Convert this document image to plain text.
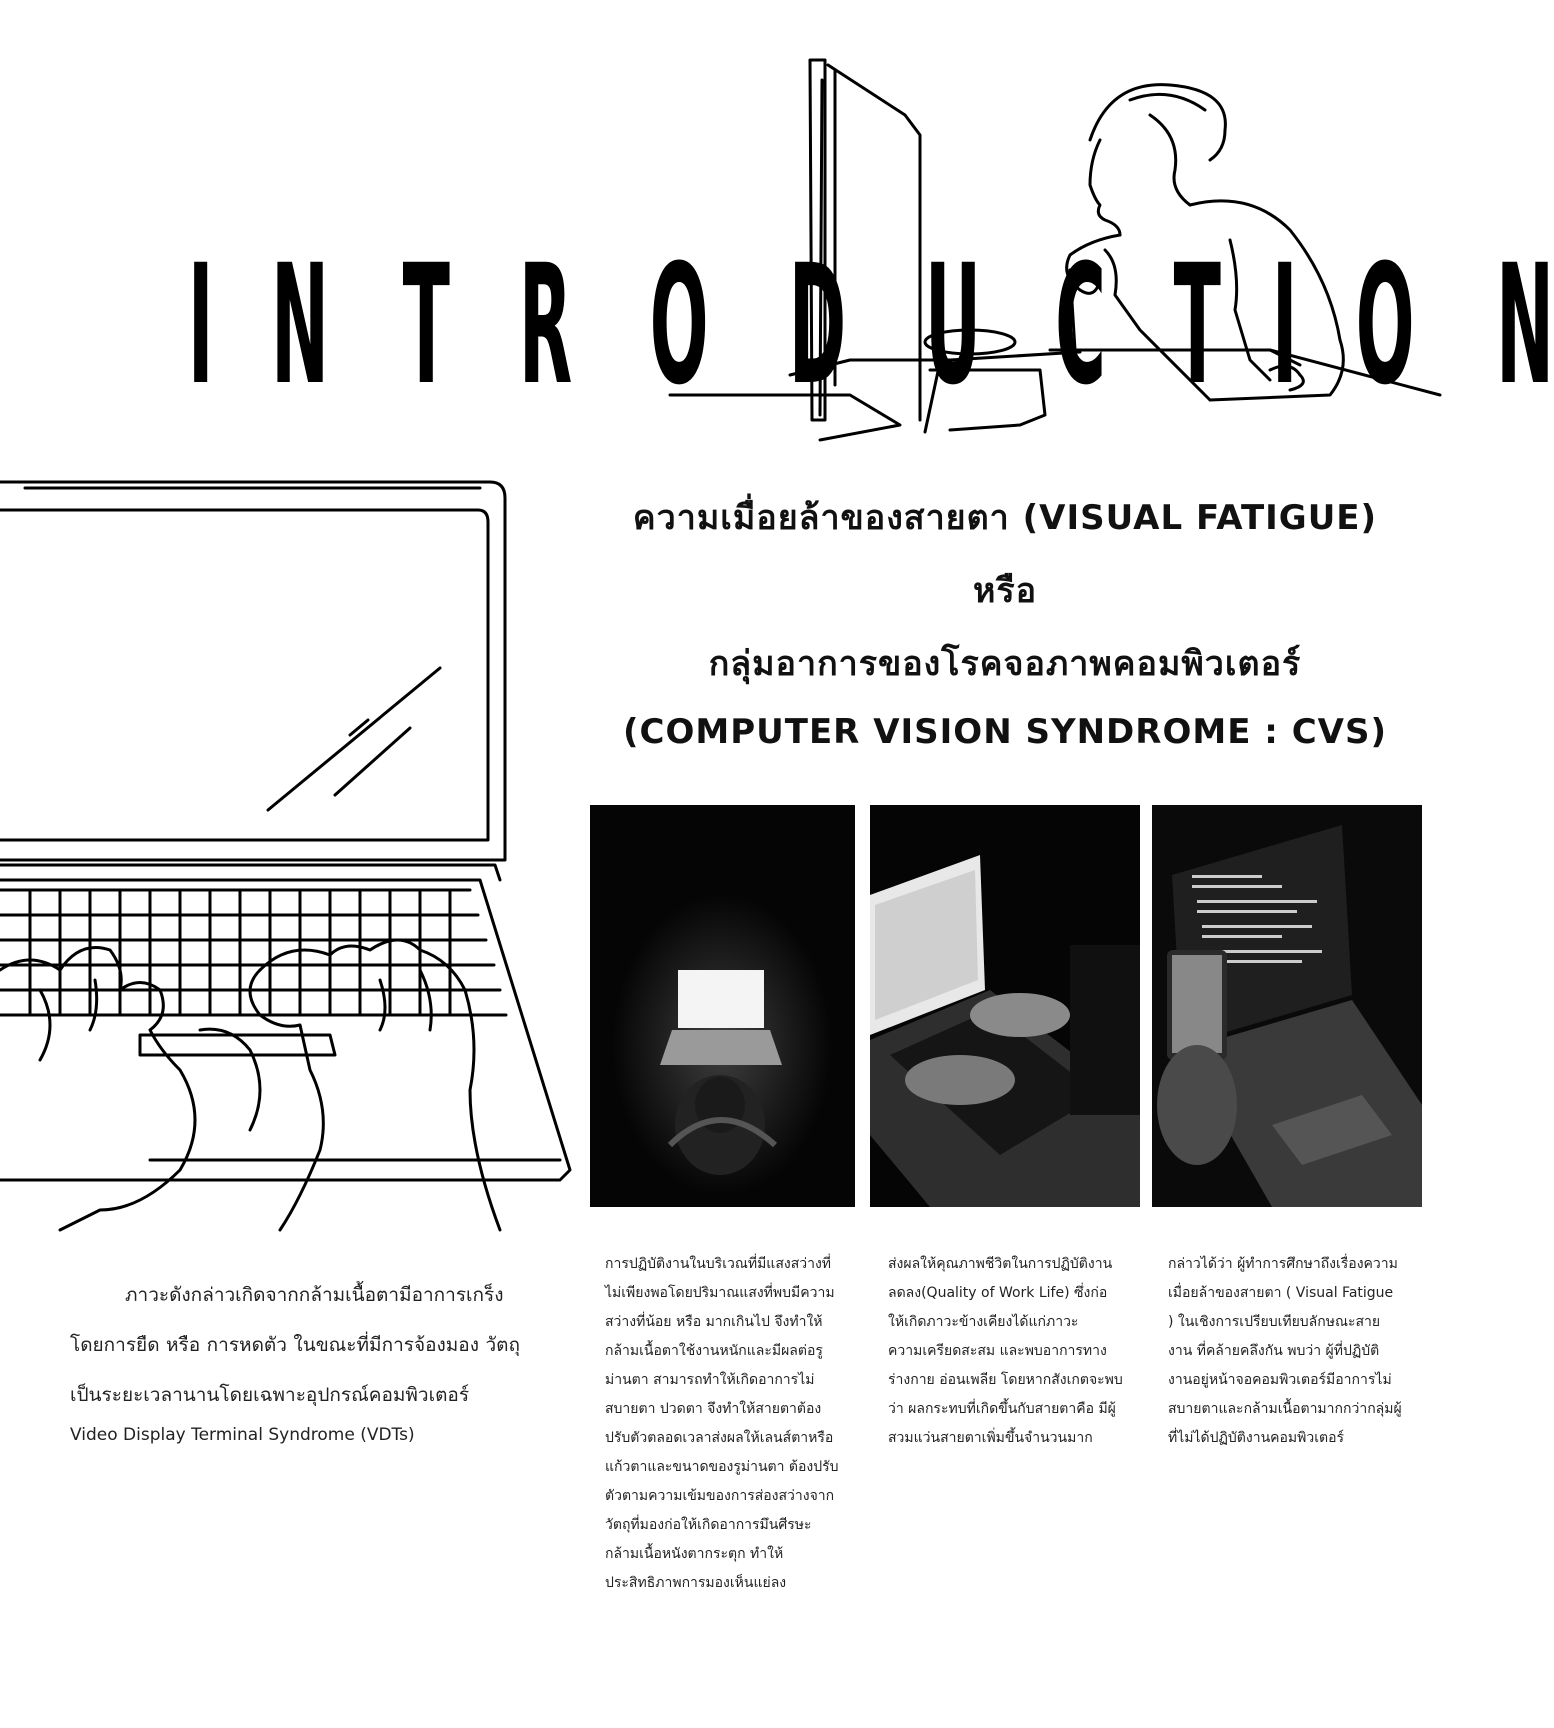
I N T R O D U C T I O N
ความเมื่อยล้าของสายตา (VISUAL FATIGUE)
หรือ
กลุ่มอาการของโรคจอภาพคอมพิวเตอร์
(COMPUTER VISION SYNDROME : CVS)
ภาวะดังกล่าวเกิดจากกล้ามเนื้อตามีอาการเกร็ง โดยการยืด หรือ การหดตัว ในขณะที่มีการจ้องมอง วัตถุเป็นระยะเวลานานโดยเฉพาะอุปกรณ์คอมพิวเตอร์
Video Display Terminal Syndrome (VDTs)
การปฏิบัติงานในบริเวณที่มีแสงสว่างที่ไม่เพียงพอโดยปริมาณแสงที่พบมีความสว่างที่น้อย หรือ มากเกินไป จึงทำให้กล้ามเนื้อตาใช้งานหนักและมีผลต่อรูม่านตา สามารถทำให้เกิดอาการไม่สบายตา ปวดตา จึงทำให้สายตาต้องปรับตัวตลอดเวลาส่งผลให้เลนส์ตาหรือแก้วตาและขนาดของรูม่านตา ต้องปรับตัวตามความเข้มของการส่องสว่างจากวัตถุที่มองก่อให้เกิดอาการมึนศีรษะ กล้ามเนื้อหนังตากระตุก ทำให้ประสิทธิภาพการมองเห็นแย่ลง
ส่งผลให้คุณภาพชีวิตในการปฏิบัติงานลดลง(Quality of Work Life) ซึ่งก่อให้เกิดภาวะข้างเคียงได้แก่ภาวะความเครียดสะสม และพบอาการทางร่างกาย อ่อนเพลีย โดยหากสังเกตจะพบว่า ผลกระทบที่เกิดขึ้นกับสายตาคือ มีผู้สวมแว่นสายตาเพิ่มขึ้นจำนวนมาก
กล่าวได้ว่า ผู้ทำการศึกษาถึงเรื่องความเมื่อยล้าของสายตา ( Visual Fatigue ) ในเชิงการเปรียบเทียบลักษณะสายงาน ที่คล้ายคลึงกัน พบว่า ผู้ที่ปฏิบัติงานอยู่หน้าจอคอมพิวเตอร์มีอาการไม่สบายตาและกล้ามเนื้อตามากกว่ากลุ่มผู้ที่ไม่ได้ปฏิบัติงานคอมพิวเตอร์
